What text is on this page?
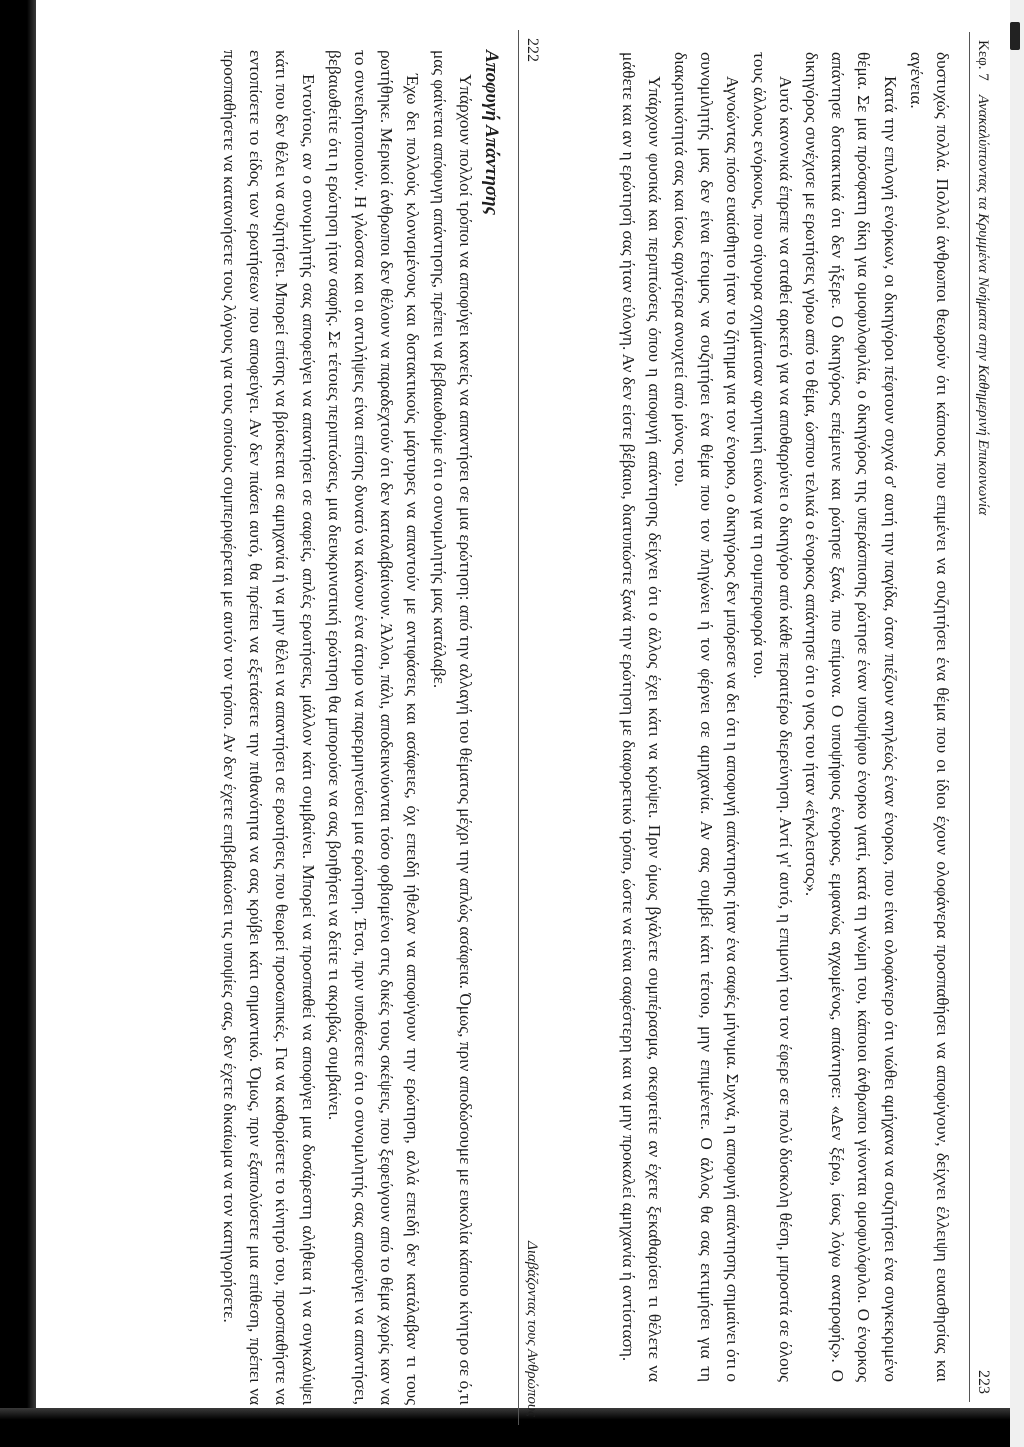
222
Διαβάζοντας τους Ανθρώπους

Αποφυγή Απάντησης

Υπάρχουν πολλοί τρόποι να αποφύγει κανείς να απαντήσει σε μια ερώτηση: από την αλλαγή του θέματος μέχρι την απλώς ασάφεια. Όμως, πριν αποδώσουμε με ευκολία κάποιο κίνητρο σε ό,τι μας φαίνεται απόφυγη απάντησης, πρέπει να βεβαιωθούμε ότι ο συνομιλητής μας κατάλαβε.

Έχω δει πολλούς κλονισμένους και διστακτικούς μάρτυρες να απαντούν με αντιφάσεις και ασάφειες, όχι επειδή ήθελαν να αποφύγουν την ερώτηση, αλλά επειδή δεν κατάλαβαν τι τους ρωτήθηκε. Μερικοί άνθρωποι δεν θέλουν να παραδεχτούν ότι δεν καταλαβαίνουν. Άλλοι, πάλι, αποδεικνύονται τόσο φοβισμένοι στις δικές τους σκέψεις, που ξεφεύγουν από το θέμα χωρίς καν να το συνειδητοποιούν. Η γλώσσα και οι αντιλήψεις είναι επίσης δυνατό να κάνουν ένα άτομο να παρερμηνεύσει μια ερώτηση. Έτσι, πριν υποθέσετε ότι ο συνομιλητής σας αποφεύγει να απαντήσει, βεβαιωθείτε ότι η ερώτηση ήταν σαφής. Σε τέτοιες περιπτώσεις, μια διευκρινιστική ερώτηση θα μπορούσε να σας βοηθήσει να δείτε τι ακριβώς συμβαίνει.

Εντούτοις, αν ο συνομιλητής σας αποφεύγει να απαντήσει σε σαφείς, απλές ερωτήσεις, μάλλον κάτι συμβαίνει. Μπορεί να προσπαθεί να αποφύγει μια δυσάρεστη αλήθεια ή να συγκαλύψει κάτι που δεν θέλει να συζητήσει. Μπορεί επίσης να βρίσκεται σε αμηχανία ή να μην θέλει να απαντήσει σε ερωτήσεις που θεωρεί προσωπικές. Για να καθορίσετε το κίνητρό του, προσπαθήστε να εντοπίσετε το είδος των ερωτήσεων που αποφεύγει. Αν δεν πιάσει αυτό, θα πρέπει να εξετάσετε την πιθανότητα να σας κρύβει κάτι σημαντικό. Όμως, πριν εξαπολύσετε μια επίθεση, πρέπει να προσπαθήσετε να κατανοήσετε τους λόγους για τους οποίους συμπεριφέρεται με αυτόν τον τρόπο. Αν δεν έχετε επιβεβαιώσει τις υποψίες σας, δεν έχετε δικαίωμα να τον κατηγορήσετε.	Κεφ. 7
Ανακαλύπτοντας τα Κρυμμένα Νοήματα στην Καθημερινή Επικοινωνία
223

δυστυχώς πολλά. Πολλοί άνθρωποι θεωρούν ότι κάποιος που επιμένει να συζητήσει ένα θέμα που οι ίδιοι έχουν ολοφάνερα προσπαθήσει να αποφύγουν, δείχνει έλλειψη ευαισθησίας και αγένεια.

Κατά την επιλογή ενόρκων, οι δικηγόροι πέφτουν συχνά σ' αυτή την παγίδα, όταν πιέζουν ανηλεώς έναν ένορκο, που είναι ολοφάνερο ότι νιώθει αμήχανα να συζητήσει ένα συγκεκριμένο θέμα. Σε μια πρόσφατη δίκη για ομοφυλοφιλία, ο δικηγόρος της υπεράσπισης ρώτησε έναν υποψήφιο ένορκο γιατί, κατά τη γνώμη του, κάποιοι άνθρωποι γίνονται ομοφυλόφιλοι. Ο ένορκος απάντησε διστακτικά ότι δεν ήξερε. Ο δικηγόρος επέμεινε και ρώτησε ξανά, πιο επίμονα. Ο υποψήφιος ένορκος, εμφανώς αγχωμένος, απάντησε: «Δεν ξέρω, ίσως λόγω ανατροφής». Ο δικηγόρος συνέχισε με ερωτήσεις γύρω από το θέμα, ώσπου τελικά ο ένορκος απάντησε ότι ο γιος του ήταν «έγκλειστος».

Αυτό κανονικά έπρεπε να σταθεί αρκετό για να αποθαρρύνει ο δικηγόρο από κάθε περαιτέρω διερεύνηση. Αντί γι' αυτό, η επιμονή του τον έφερε σε πολύ δύσκολη θέση, μπροστά σε όλους τους άλλους ενόρκους, που σίγουρα σχημάτισαν αρνητική εικόνα για τη συμπεριφορά του.

Αγνοώντας πόσο ευαίσθητο ήταν το ζήτημα για τον ένορκο, ο δικηγόρος δεν μπόρεσε να δει ότι η αποφυγή απάντησης ήταν ένα σαφές μήνυμα. Συχνά, η αποφυγή απάντησης σημαίνει ότι ο συνομιλητής μας δεν είναι έτοιμος να συζητήσει ένα θέμα που τον πληγώνει ή τον φέρνει σε αμηχανία. Αν σας συμβεί κάτι τέτοιο, μην επιμένετε. Ο άλλος θα σας εκτιμήσει για τη διακριτικότητά σας και ίσως αργότερα ανοιχτεί από μόνος του.

Υπάρχουν φυσικά και περιπτώσεις όπου η αποφυγή απάντησης δείχνει ότι ο άλλος έχει κάτι να κρύψει. Πριν όμως βγάλετε συμπέρασμα, σκεφτείτε αν έχετε ξεκαθαρίσει τι θέλετε να μάθετε και αν η ερώτησή σας ήταν εύλογη. Αν δεν είστε βέβαιοι, διατυπώστε ξανά την ερώτηση με διαφορετικό τρόπο, ώστε να είναι σαφέστερη και να μην προκαλεί αμηχανία ή αντίσταση.
